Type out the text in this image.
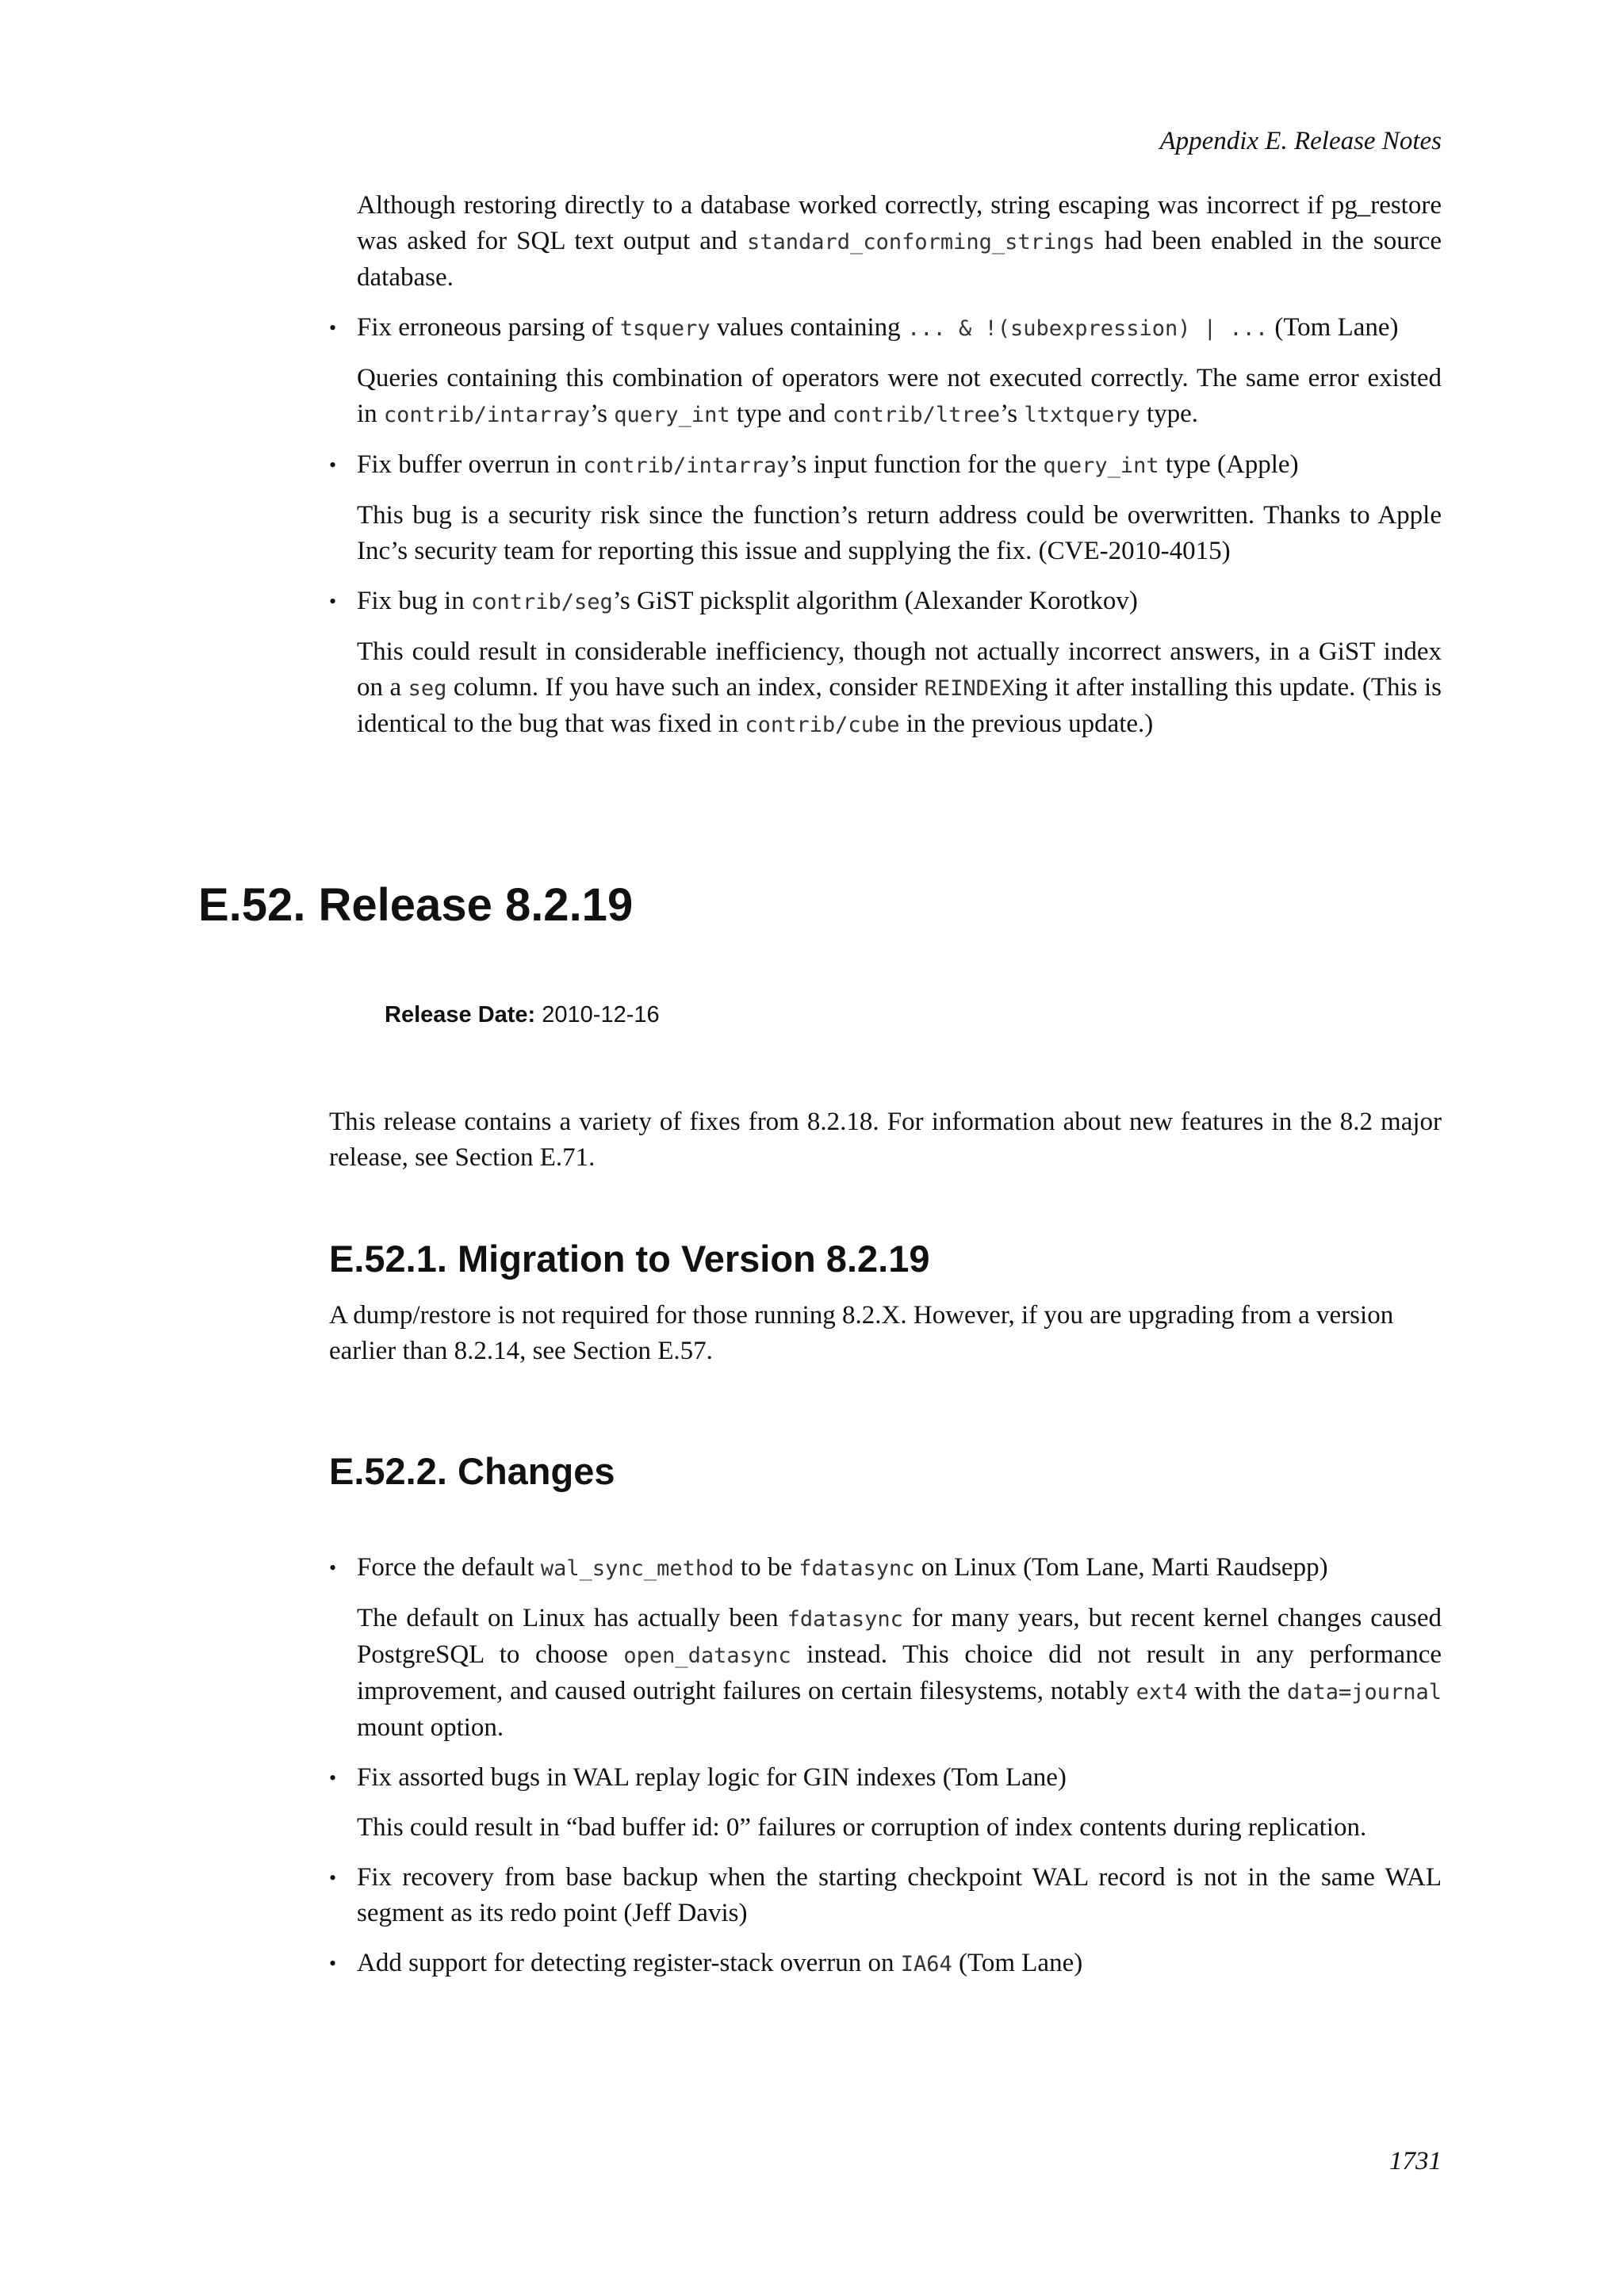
Appendix E. Release Notes

Although restoring directly to a database worked correctly, string escaping was incorrect if pg_restore was asked for SQL text output and standard_conforming_strings had been enabled in the source database.

• Fix erroneous parsing of tsquery values containing ... & !(subexpression) | ... (Tom Lane)

Queries containing this combination of operators were not executed correctly. The same error existed in contrib/intarray’s query_int type and contrib/ltree’s ltxtquery type.

• Fix buffer overrun in contrib/intarray’s input function for the query_int type (Apple)

This bug is a security risk since the function’s return address could be overwritten. Thanks to Apple Inc’s security team for reporting this issue and supplying the fix. (CVE-2010-4015)

• Fix bug in contrib/seg’s GiST picksplit algorithm (Alexander Korotkov)

This could result in considerable inefficiency, though not actually incorrect answers, in a GiST index on a seg column. If you have such an index, consider REINDEXing it after installing this update. (This is identical to the bug that was fixed in contrib/cube in the previous update.)

E.52. Release 8.2.19

Release Date: 2010-12-16

This release contains a variety of fixes from 8.2.18. For information about new features in the 8.2 major release, see Section E.71.

E.52.1. Migration to Version 8.2.19

A dump/restore is not required for those running 8.2.X. However, if you are upgrading from a version earlier than 8.2.14, see Section E.57.

E.52.2. Changes
• Force the default wal_sync_method to be fdatasync on Linux (Tom Lane, Marti Raudsepp)

The default on Linux has actually been fdatasync for many years, but recent kernel changes caused PostgreSQL to choose open_datasync instead. This choice did not result in any performance improvement, and caused outright failures on certain filesystems, notably ext4 with the data=journal mount option.

• Fix assorted bugs in WAL replay logic for GIN indexes (Tom Lane)

This could result in “bad buffer id: 0” failures or corruption of index contents during replication.

• Fix recovery from base backup when the starting checkpoint WAL record is not in the same WAL segment as its redo point (Jeff Davis)
• Add support for detecting register-stack overrun on IA64 (Tom Lane)
1731
